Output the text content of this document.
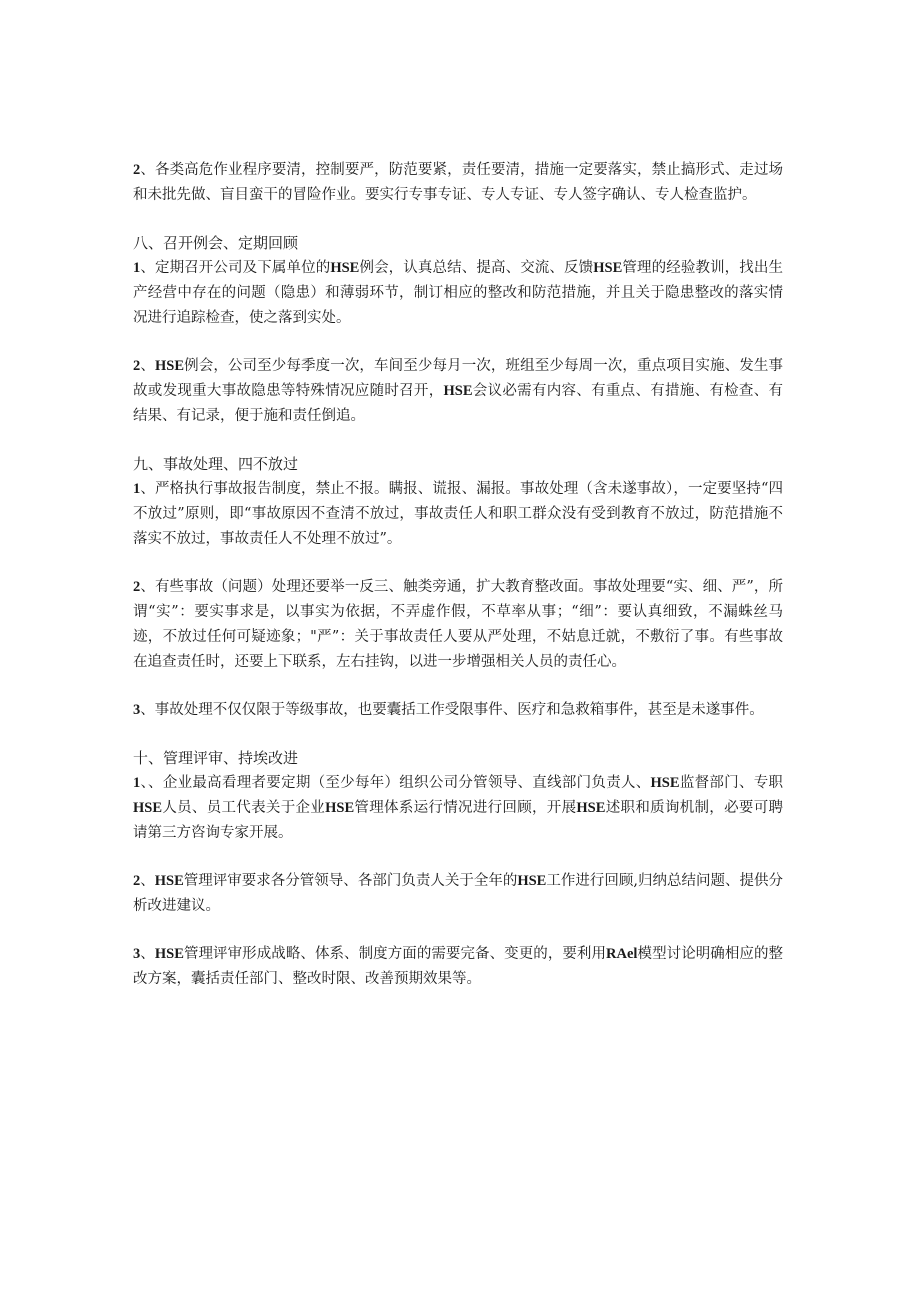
2、各类高危作业程序要清，控制要严，防范要紧，责任要清，措施一定要落实，禁止搞形式、走过场和未批先做、盲目蛮干的冒险作业。要实行专事专证、专人专证、专人签字确认、专人检查监护。

八、召开例会、定期回顾

1、定期召开公司及下属单位的HSE例会，认真总结、提高、交流、反馈HSE管理的经验教训，找出生产经营中存在的问题（隐患）和薄弱环节，制订相应的整改和防范措施，并且关于隐患整改的落实情况进行追踪检查，使之落到实处。

2、HSE例会，公司至少每季度一次，车间至少每月一次，班组至少每周一次，重点项目实施、发生事故或发现重大事故隐患等特殊情况应随时召开，HSE会议必需有内容、有重点、有措施、有检查、有结果、有记录，便于施和责任倒追。

九、事故处理、四不放过

1、严格执行事故报告制度，禁止不报。瞒报、谎报、漏报。事故处理（含未遂事故），一定要坚持“四不放过”原则，即“事故原因不查清不放过，事故责任人和职工群众没有受到教育不放过，防范措施不落实不放过，事故责任人不处理不放过”。

2、有些事故（问题）处理还要举一反三、触类旁通，扩大教育整改面。事故处理要“实、细、严”，所谓“实”：要实事求是，以事实为依据，不弄虚作假，不草率从事；“细”：要认真细致，不漏蛛丝马迹，不放过任何可疑迹象；"严”：关于事故责任人要从严处理，不姑息迁就，不敷衍了事。有些事故在追查责任时，还要上下联系，左右挂钩，以进一步增强相关人员的责任心。

3、事故处理不仅仅限于等级事故，也要囊括工作受限事件、医疗和急救箱事件，甚至是未遂事件。

十、管理评审、持埃改进

1、、企业最高看理者要定期（至少每年）组织公司分管领导、直线部门负责人、HSE监督部门、专职HSE人员、员工代表关于企业HSE管理体系运行情况进行回顾，开展HSE述职和质询机制，必要可聘请第三方咨询专家开展。

2、HSE管理评审要求各分管领导、各部门负责人关于全年的HSE工作进行回顾,归纳总结问题、提供分析改进建议。

3、HSE管理评审形成战略、体系、制度方面的需要完备、变更的，要利用RAel模型讨论明确相应的整改方案，囊括责任部门、整改时限、改善预期效果等。
